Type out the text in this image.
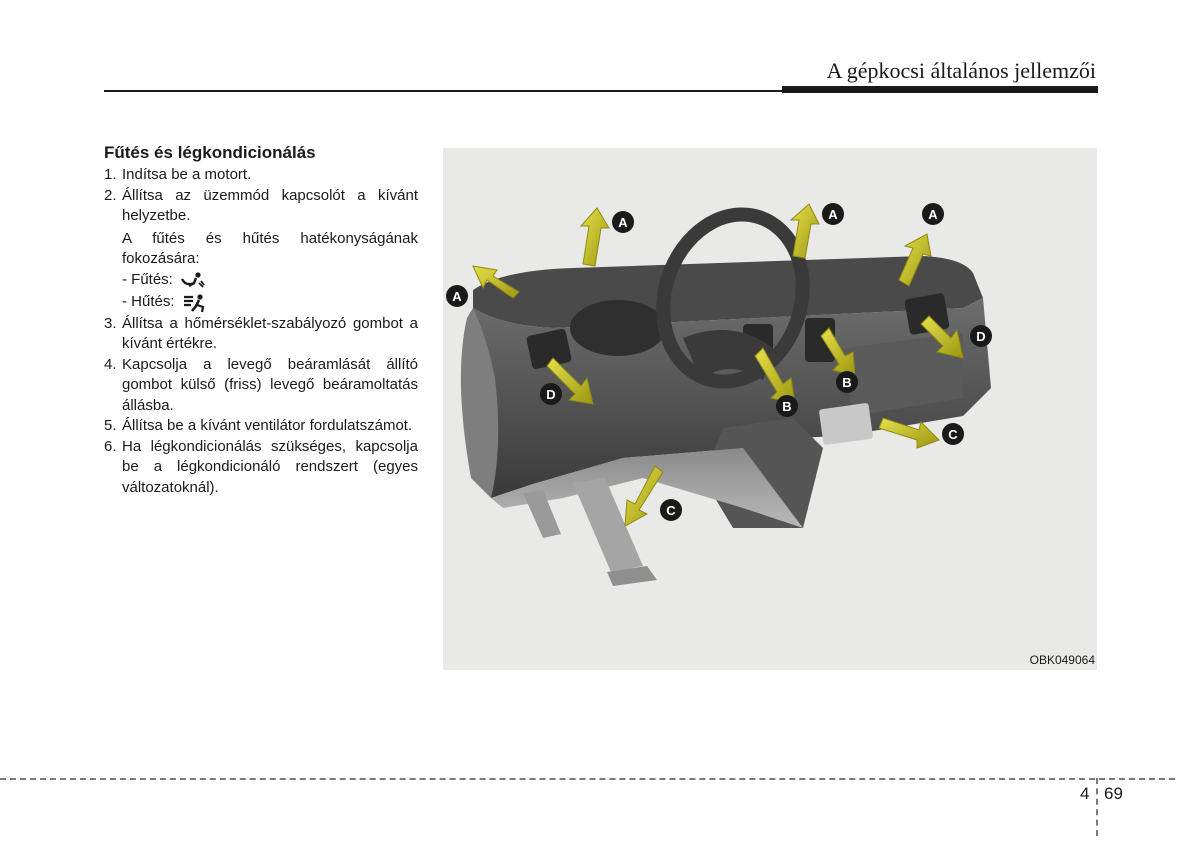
A gépkocsi általános jellemzői
Fűtés és légkondicionálás
1. Indítsa be a motort.
2. Állítsa az üzemmód kapcsolót a kívánt helyzetbe.
A fűtés és hűtés hatékonyságának fokozására:
- Fűtés:
- Hűtés:
3. Állítsa a hőmérséklet-szabályozó gombot a kívánt értékre.
4. Kapcsolja a levegő beáramlását állító gombot külső (friss) levegő beáramoltatás állásba.
5. Állítsa be a kívánt ventilátor fordulatszámot.
6. Ha légkondicionálás szükséges, kapcsolja be a légkondicionáló rendszert (egyes változatoknál).
A
A	A
A
D
D
B
B
C
C
OBK049064
4 69
